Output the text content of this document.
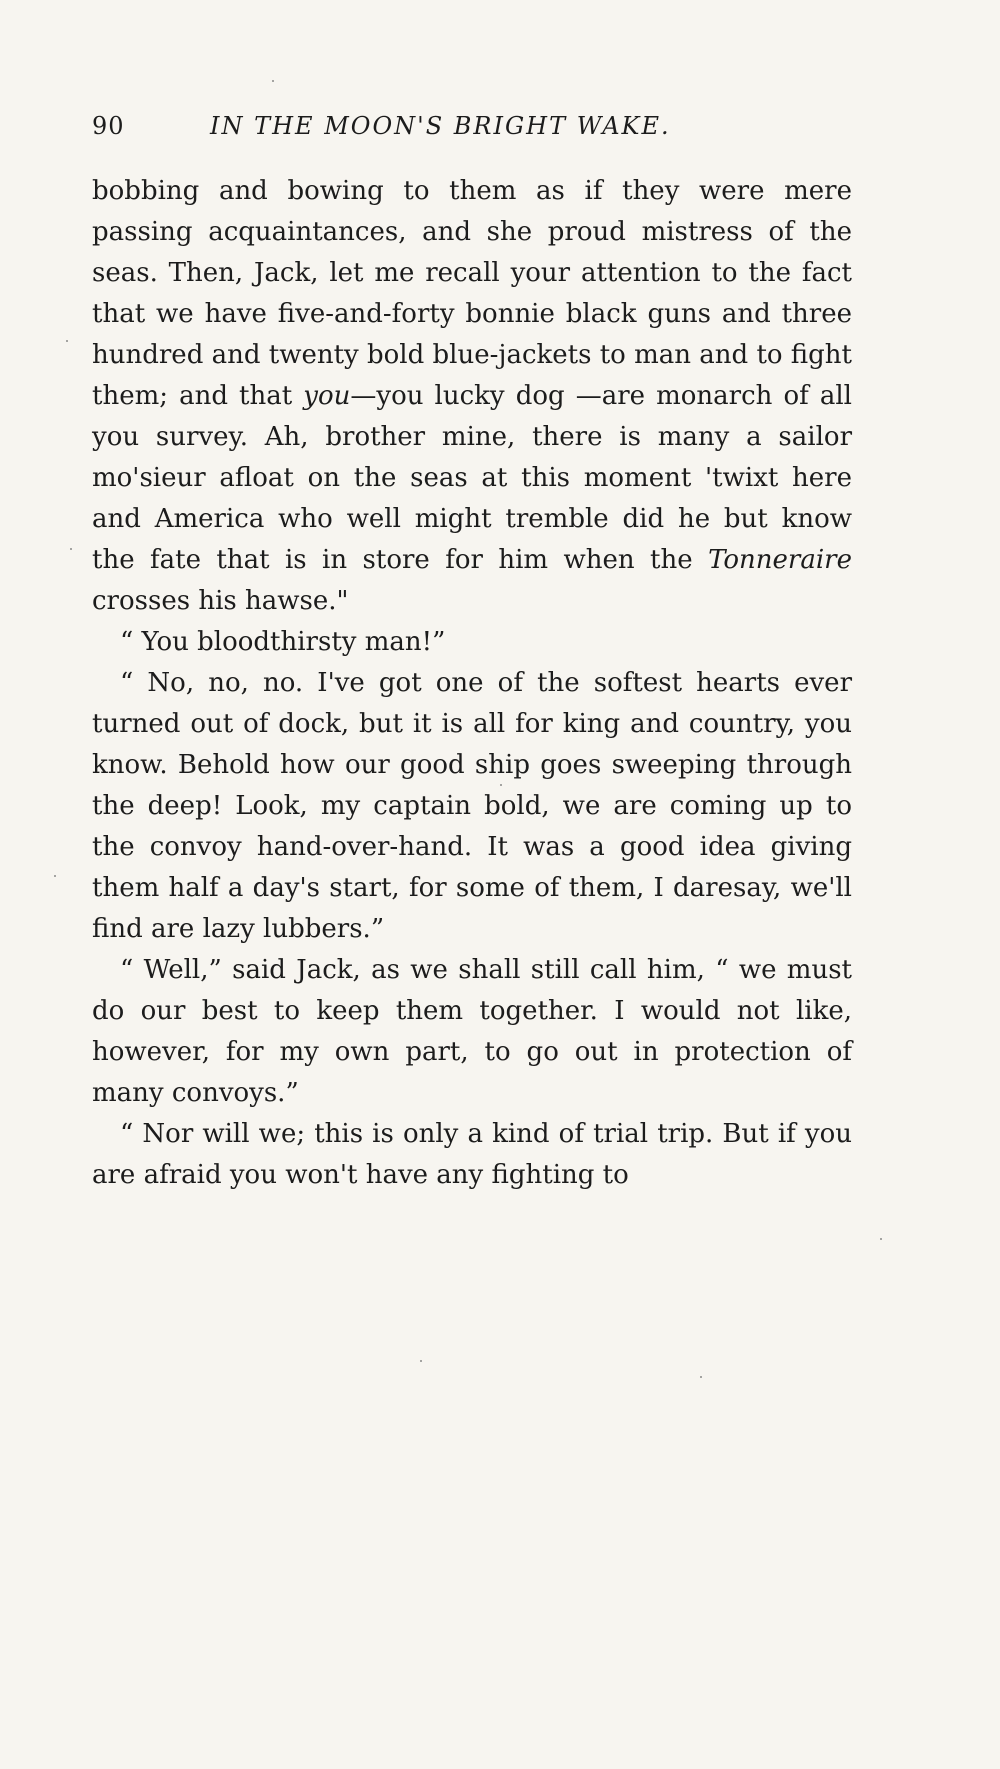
90	IN THE MOON'S BRIGHT WAKE.

bobbing and bowing to them as if they were mere passing acquaintances, and she proud mistress of the seas. Then, Jack, let me recall your attention to the fact that we have five-and-forty bonnie black guns and three hundred and twenty bold blue-jackets to man and to fight them; and that you—you lucky dog —are monarch of all you survey. Ah, brother mine, there is many a sailor mo'sieur afloat on the seas at this moment 'twixt here and America who well might tremble did he but know the fate that is in store for him when the Tonneraire crosses his hawse."

“ You bloodthirsty man!”

“ No, no, no. I've got one of the softest hearts ever turned out of dock, but it is all for king and country, you know. Behold how our good ship goes sweeping through the deep! Look, my captain bold, we are coming up to the convoy hand-over-hand. It was a good idea giving them half a day's start, for some of them, I daresay, we'll find are lazy lubbers.”

“ Well,” said Jack, as we shall still call him, “ we must do our best to keep them together. I would not like, however, for my own part, to go out in protection of many convoys.”

“ Nor will we; this is only a kind of trial trip. But if you are afraid you won't have any fighting to
